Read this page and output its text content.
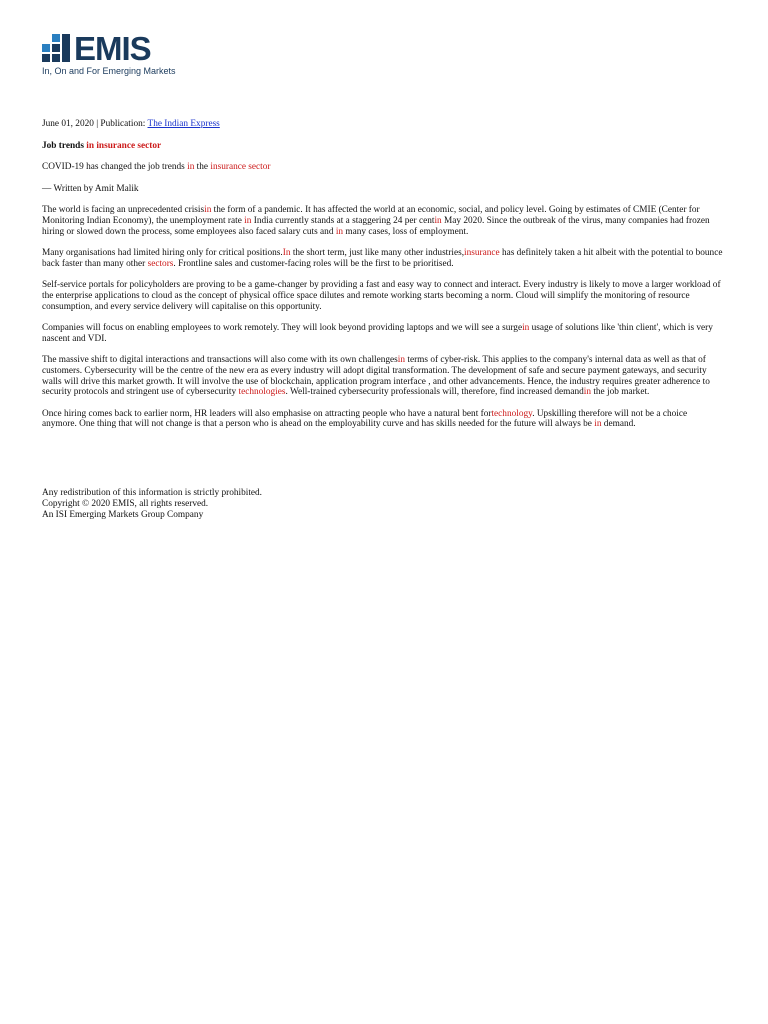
EMIS
In, On and For Emerging Markets

June 01, 2020 | Publication: The Indian Express

Job trends in insurance sector

COVID-19 has changed the job trends in the insurance sector

— Written by Amit Malik

The world is facing an unprecedented crisisin the form of a pandemic. It has affected the world at an economic, social, and policy level. Going by estimates of CMIE (Center for Monitoring Indian Economy), the unemployment rate in India currently stands at a staggering 24 per centin May 2020. Since the outbreak of the virus, many companies had frozen hiring or slowed down the process, some employees also faced salary cuts and in many cases, loss of employment.

Many organisations had limited hiring only for critical positions.In the short term, just like many other industries,insurance has definitely taken a hit albeit with the potential to bounce back faster than many other sectors. Frontline sales and customer-facing roles will be the first to be prioritised.

Self-service portals for policyholders are proving to be a game-changer by providing a fast and easy way to connect and interact. Every industry is likely to move a larger workload of the enterprise applications to cloud as the concept of physical office space dilutes and remote working starts becoming a norm. Cloud will simplify the monitoring of resource consumption, and every service delivery will capitalise on this opportunity.

Companies will focus on enabling employees to work remotely. They will look beyond providing laptops and we will see a surgein usage of solutions like 'thin client', which is very nascent and VDI.

The massive shift to digital interactions and transactions will also come with its own challengesin terms of cyber-risk. This applies to the company's internal data as well as that of customers. Cybersecurity will be the centre of the new era as every industry will adopt digital transformation. The development of safe and secure payment gateways, and security walls will drive this market growth. It will involve the use of blockchain, application program interface , and other advancements. Hence, the industry requires greater adherence to security protocols and stringent use of cybersecurity technologies. Well-trained cybersecurity professionals will, therefore, find increased demandin the job market.

Once hiring comes back to earlier norm, HR leaders will also emphasise on attracting people who have a natural bent fortechnology. Upskilling therefore will not be a choice anymore. One thing that will not change is that a person who is ahead on the employability curve and has skills needed for the future will always be in demand.

Any redistribution of this information is strictly prohibited.
Copyright © 2020 EMIS, all rights reserved.
An ISI Emerging Markets Group Company
